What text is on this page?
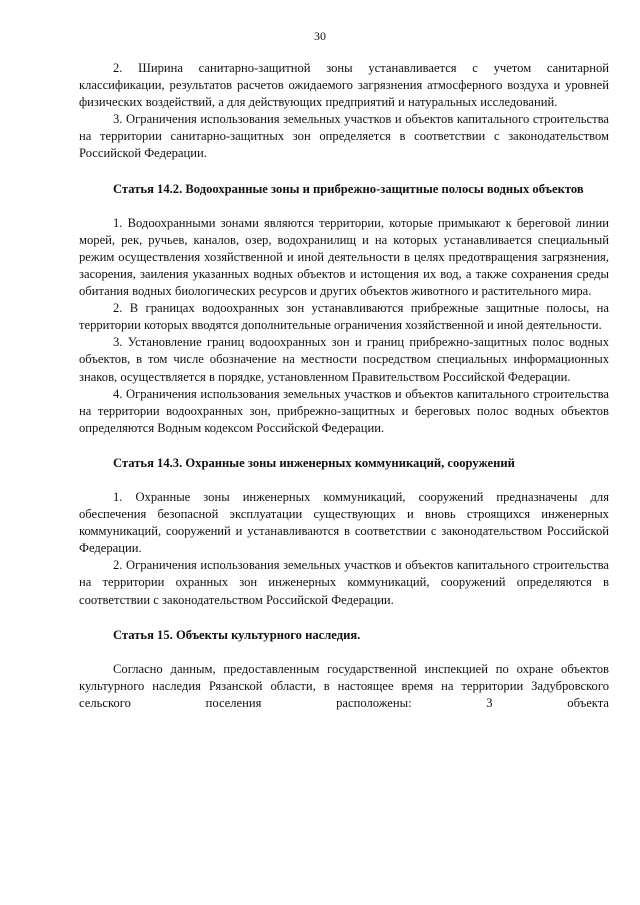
30

2. Ширина санитарно-защитной зоны устанавливается с учетом санитарной классификации, результатов расчетов ожидаемого загрязнения атмосферного воздуха и уровней физических воздействий, а для действующих предприятий и натуральных исследований.

3. Ограничения использования земельных участков и объектов капитального строительства на территории санитарно-защитных зон определяется в соответствии с законодательством Российской Федерации.

Статья 14.2. Водоохранные зоны и прибрежно-защитные полосы водных объектов

1. Водоохранными зонами являются территории, которые примыкают к береговой линии морей, рек, ручьев, каналов, озер, водохранилищ и на которых устанавливается специальный режим осуществления хозяйственной и иной деятельности в целях предотвращения загрязнения, засорения, заиления указанных водных объектов и истощения их вод, а также сохранения среды обитания водных биологических ресурсов и других объектов животного и растительного мира.

2. В границах водоохранных зон устанавливаются прибрежные защитные полосы, на территории которых вводятся дополнительные ограничения хозяйственной и иной деятельности.

3. Установление границ водоохранных зон и границ прибрежно-защитных полос водных объектов, в том числе обозначение на местности посредством специальных информационных знаков, осуществляется в порядке, установленном Правительством Российской Федерации.

4. Ограничения использования земельных участков и объектов капитального строительства на территории водоохранных зон, прибрежно-защитных и береговых полос водных объектов определяются Водным кодексом Российской Федерации.

Статья 14.3. Охранные зоны инженерных коммуникаций, сооружений

1. Охранные зоны инженерных коммуникаций, сооружений предназначены для обеспечения безопасной эксплуатации существующих и вновь строящихся инженерных коммуникаций, сооружений и устанавливаются в соответствии с законодательством Российской Федерации.

2. Ограничения использования земельных участков и объектов капитального строительства на территории охранных зон инженерных коммуникаций, сооружений определяются в соответствии с законодательством Российской Федерации.

Статья 15. Объекты культурного наследия.

Согласно данным, предоставленным государственной инспекцией по охране объектов культурного наследия Рязанской области, в настоящее время на территории Задубровского сельского поселения расположены: 3 объекта
